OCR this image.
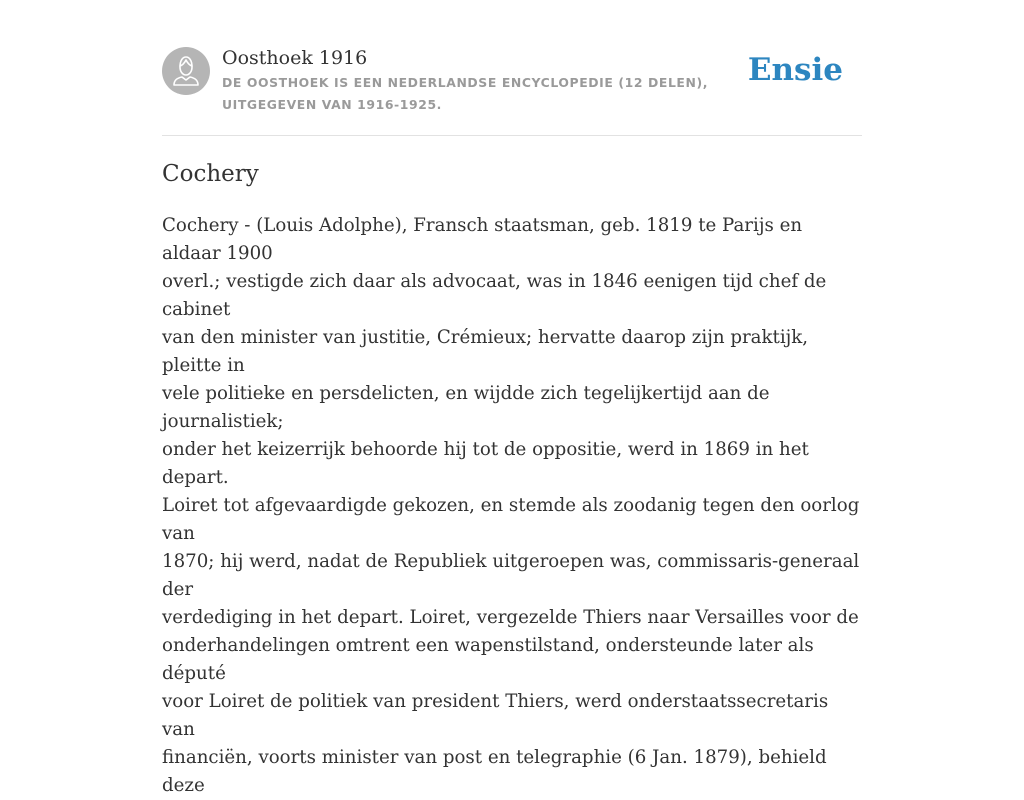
Oosthoek 1916

DE OOSTHOEK IS EEN NEDERLANDSE ENCYCLOPEDIE (12 DELEN), UITGEGEVEN VAN 1916-1925.

Ensie
Cochery

Cochery - (Louis Adolphe), Fransch staatsman, geb. 1819 te Parijs en aldaar 1900
overl.; vestigde zich daar als advocaat, was in 1846 eenigen tijd chef de cabinet
van den minister van justitie, Crémieux; hervatte daarop zijn praktijk, pleitte in
vele politieke en persdelicten, en wijdde zich tegelijkertijd aan de journalistiek;
onder het keizerrijk behoorde hij tot de oppositie, werd in 1869 in het depart.
Loiret tot afgevaardigde gekozen, en stemde als zoodanig tegen den oorlog van
1870; hij werd, nadat de Republiek uitgeroepen was, commissaris-generaal der
verdediging in het depart. Loiret, vergezelde Thiers naar Versailles voor de
onderhandelingen omtrent een wapenstilstand, ondersteunde later als député
voor Loiret de politiek van president Thiers, werd onderstaatssecretaris van
financiën, voorts minister van post en telegraphie (6 Jan. 1879), behield deze
